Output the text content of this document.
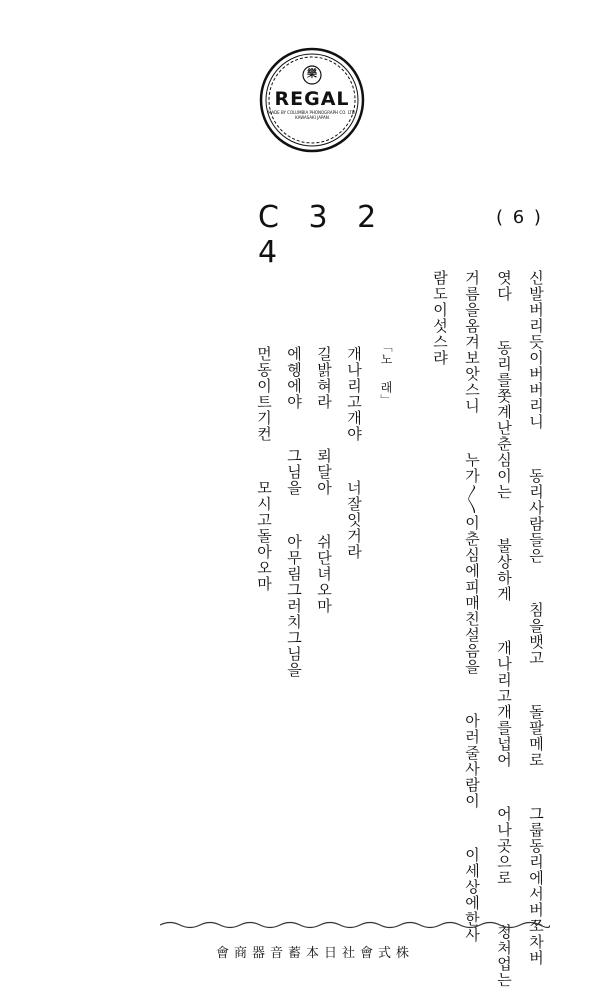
樂
REGAL
MADE BY COLUMBIA PHONOGRAPH CO. LTD.
KAWASAKI JAPAN
C 3 2 4
( 6 )
신발버리듯이버버리니  동리사람들은  침을뱃고  돌팔메로  그룹동리에서버쪼차버
엿다  동리를쫏계난춘심이는  불상하게  개나리고개를넙어  어나곳으로  청처업는
거름을옴겨보앗스니  누가〳〵이춘심에피매친설음을  아러줄사람이  이세상에한사
람도이섯스랴
「노 래」
개나리고개야  너잘잇거라
길밝혀라  뢰달아  쉬단녀오마
에헹에야  그님을  아무림그러치그님을
먼동이트기컨  모시고돌아오마
株式會社日本蓄音器商會
